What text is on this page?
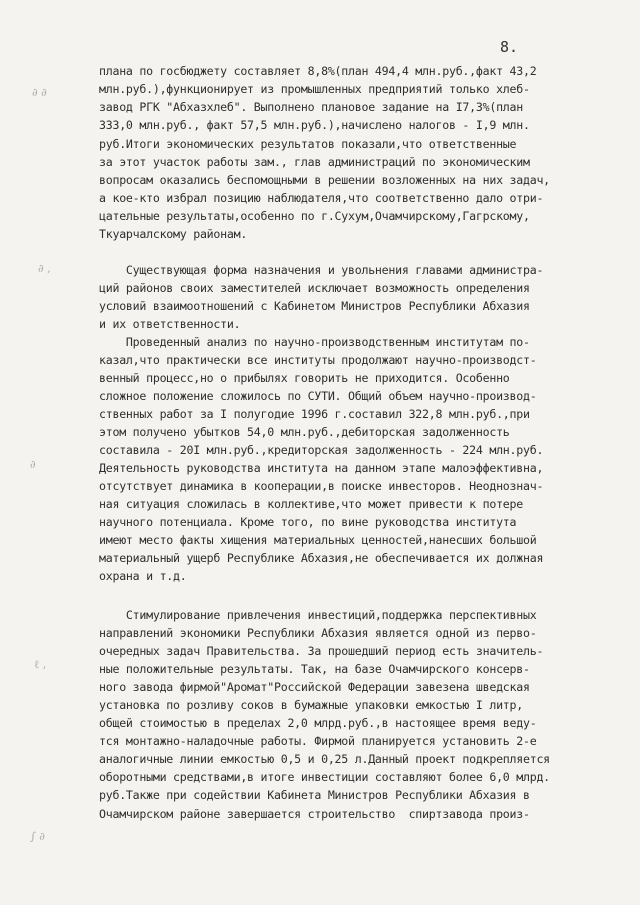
8.
∂ ∂
∂ ,
∂
ℓ ,
∫ ∂
плана по госбюджету составляет 8,8%(план 494,4 млн.руб.,факт 43,2
млн.руб.),функционирует из промышленных предприятий только хлеб-
завод РГК "Абхазхлеб". Выполнено плановое задание на I7,3%(план
333,0 млн.руб., факт 57,5 млн.руб.),начислено налогов - I,9 млн.
руб.Итоги экономических результатов показали,что ответственные
за этот участок работы зам., глав администраций по экономическим
вопросам оказались беспомощными в решении возложенных на них задач,
а кое-кто избрал позицию наблюдателя,что соответственно дало отри-
цательные результаты,особенно по г.Сухум,Очамчирскому,Гагрскому,
Ткуарчалскому районам.
Существующая форма назначения и увольнения главами администра-
ций районов своих заместителей исключает возможность определения
условий взаимоотношений с Кабинетом Министров Республики Абхазия
и их ответственности.
Проведенный анализ по научно-производственным институтам по-
казал,что практически все институты продолжают научно-производст-
венный процесс,но о прибылях говорить не приходится. Особенно
сложное положение сложилось по СУТИ. Общий объем научно-производ-
ственных работ за I полугодие 1996 г.составил 322,8 млн.руб.,при
этом получено убытков 54,0 млн.руб.,дебиторская задолженность
составила - 20I млн.руб.,кредиторская задолженность - 224 млн.руб.
Деятельность руководства института на данном этапе малоэффективна,
отсутствует динамика в кооперации,в поиске инвесторов. Неоднознач-
ная ситуация сложилась в коллективе,что может привести к потере
научного потенциала. Кроме того, по вине руководства института
имеют место факты хищения материальных ценностей,нанесших большой
материальный ущерб Республике Абхазия,не обеспечивается их должная
охрана и т.д.
Стимулирование привлечения инвестиций,поддержка перспективных
направлений экономики Республики Абхазия является одной из перво-
очередных задач Правительства. За прошедший период есть значитель-
ные положительные результаты. Так, на базе Очамчирского консерв-
ного завода фирмой"Аромат"Российской Федерации завезена шведская
установка по розливу соков в бумажные упаковки емкостью I литр,
общей стоимостью в пределах 2,0 млрд.руб.,в настоящее время веду-
тся монтажно-наладочные работы. Фирмой планируется установить 2-е
аналогичные линии емкостью 0,5 и 0,25 л.Данный проект подкрепляется
оборотными средствами,в итоге инвестиции составляют более 6,0 млрд.
руб.Также при содействии Кабинета Министров Республики Абхазия в
Очамчирском районе завершается строительство  спиртзавода произ-
